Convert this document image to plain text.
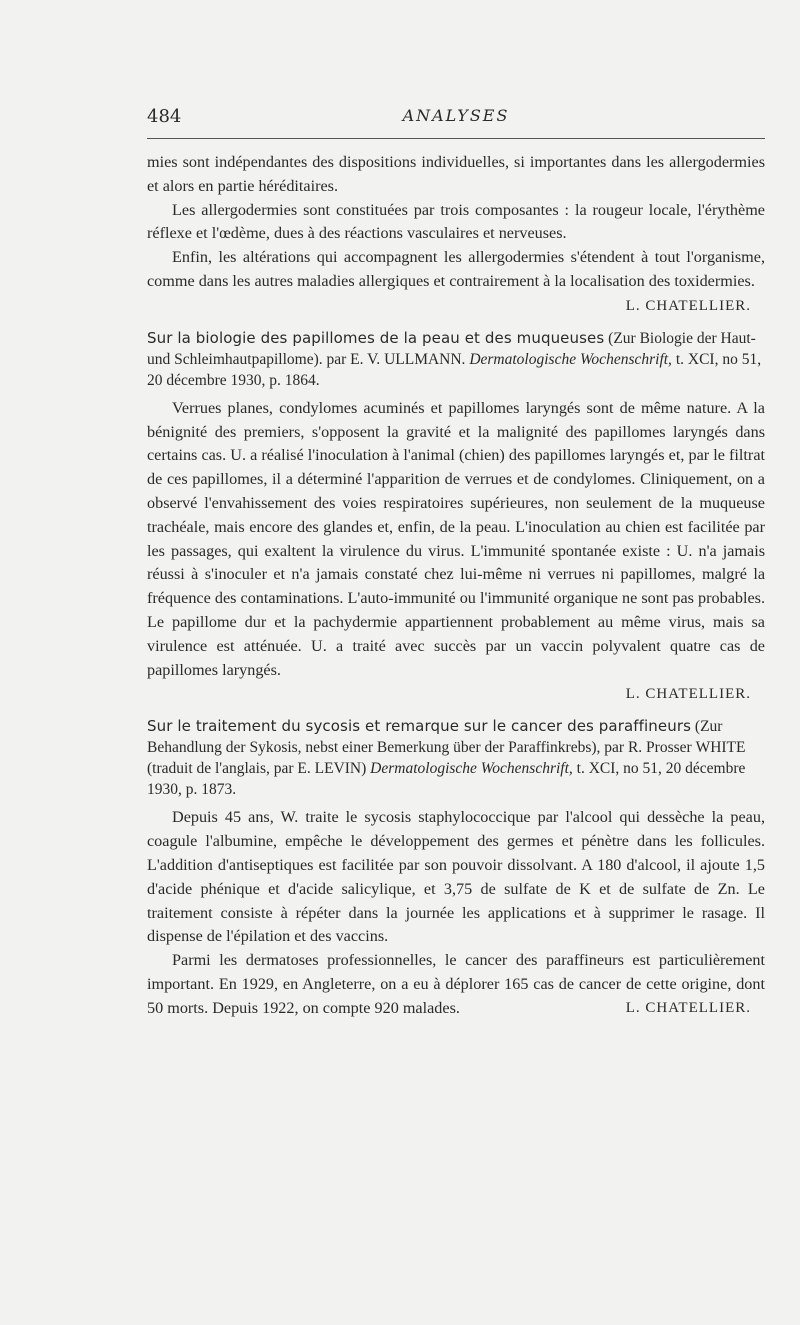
484	ANALYSES

mies sont indépendantes des dispositions individuelles, si importantes dans les allergodermies et alors en partie héréditaires.

Les allergodermies sont constituées par trois composantes : la rougeur locale, l'érythème réflexe et l'œdème, dues à des réactions vasculaires et nerveuses.

Enfin, les altérations qui accompagnent les allergodermies s'étendent à tout l'organisme, comme dans les autres maladies allergiques et contrairement à la localisation des toxidermies.

L. CHATELLIER.
Sur la biologie des papillomes de la peau et des muqueuses (Zur Biologie der Haut-und Schleimhautpapillome). par E. V. ULLMANN. Dermatologische Wochenschrift, t. XCI, no 51, 20 décembre 1930, p. 1864.

Verrues planes, condylomes acuminés et papillomes laryngés sont de même nature. A la bénignité des premiers, s'opposent la gravité et la malignité des papillomes laryngés dans certains cas. U. a réalisé l'inoculation à l'animal (chien) des papillomes laryngés et, par le filtrat de ces papillomes, il a déterminé l'apparition de verrues et de condylomes. Cliniquement, on a observé l'envahissement des voies respiratoires supérieures, non seulement de la muqueuse trachéale, mais encore des glandes et, enfin, de la peau. L'inoculation au chien est facilitée par les passages, qui exaltent la virulence du virus. L'immunité spontanée existe : U. n'a jamais réussi à s'inoculer et n'a jamais constaté chez lui-même ni verrues ni papillomes, malgré la fréquence des contaminations. L'auto-immunité ou l'immunité organique ne sont pas probables. Le papillome dur et la pachydermie appartiennent probablement au même virus, mais sa virulence est atténuée. U. a traité avec succès par un vaccin polyvalent quatre cas de papillomes laryngés.

L. CHATELLIER.
Sur le traitement du sycosis et remarque sur le cancer des paraffineurs (Zur Behandlung der Sykosis, nebst einer Bemerkung über der Paraffinkrebs), par R. Prosser WHITE (traduit de l'anglais, par E. LEVIN) Dermatologische Wochenschrift, t. XCI, no 51, 20 décembre 1930, p. 1873.

Depuis 45 ans, W. traite le sycosis staphylococcique par l'alcool qui dessèche la peau, coagule l'albumine, empêche le développement des germes et pénètre dans les follicules. L'addition d'antiseptiques est facilitée par son pouvoir dissolvant. A 180 d'alcool, il ajoute 1,5 d'acide phénique et d'acide salicylique, et 3,75 de sulfate de K et de sulfate de Zn. Le traitement consiste à répéter dans la journée les applications et à supprimer le rasage. Il dispense de l'épilation et des vaccins.

Parmi les dermatoses professionnelles, le cancer des paraffineurs est particulièrement important. En 1929, en Angleterre, on a eu à déplorer 165 cas de cancer de cette origine, dont 50 morts. Depuis 1922, on compte 920 malades.	L. CHATELLIER.
